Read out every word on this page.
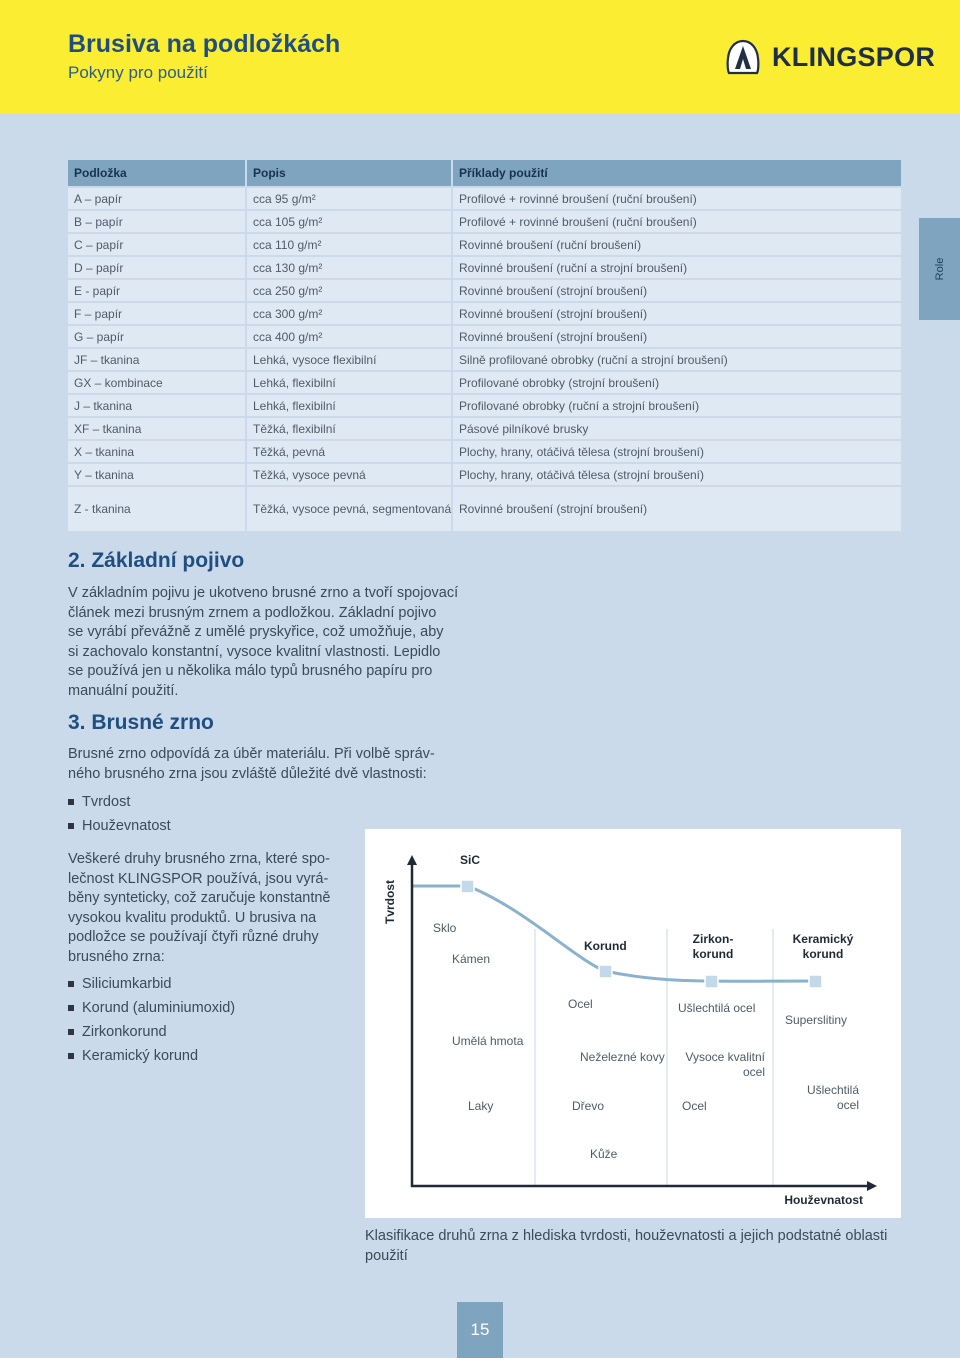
Brusiva na podložkách
Pokyny pro použití
KLINGSPOR
Role
Podložka	Popis	Příklady použití
A – papír	cca 95 g/m²	Profilové + rovinné broušení (ruční broušení)
B – papír	cca 105 g/m²	Profilové + rovinné broušení (ruční broušení)
C – papír	cca 110 g/m²	Rovinné broušení (ruční broušení)
D – papír	cca 130 g/m²	Rovinné broušení (ruční a strojní broušení)
E - papír	cca 250 g/m²	Rovinné broušení (strojní broušení)
F – papír	cca 300 g/m²	Rovinné broušení (strojní broušení)
G – papír	cca 400 g/m²	Rovinné broušení (strojní broušení)
JF – tkanina	Lehká, vysoce flexibilní	Silně profilované obrobky (ruční a strojní broušení)
GX – kombinace	Lehká, flexibilní	Profilované obrobky (strojní broušení)
J – tkanina	Lehká, flexibilní	Profilované obrobky (ruční a strojní broušení)
XF – tkanina	Těžká, flexibilní	Pásové pilníkové brusky
X – tkanina	Těžká, pevná	Plochy, hrany, otáčivá tělesa (strojní broušení)
Y – tkanina	Těžká, vysoce pevná	Plochy, hrany, otáčivá tělesa (strojní broušení)
Z - tkanina	Těžká, vysoce pevná, segmentovaná	Rovinné broušení (strojní broušení)
2. Základní pojivo
V základním pojivu je ukotveno brusné zrno a tvoří spojovací
článek mezi brusným zrnem a podložkou. Základní pojivo
se vyrábí převážně z umělé pryskyřice, což umožňuje, aby
si zachovalo konstantní, vysoce kvalitní vlastnosti. Lepidlo
se používá jen u několika málo typů brusného papíru pro
manuální použití.
3. Brusné zrno
Brusné zrno odpovídá za úběr materiálu. Při volbě správ-
ného brusného zrna jsou zvláště důležité dvě vlastnosti:
Tvrdost
Houževnatost
Veškeré druhy brusného zrna, které spo-
lečnost KLINGSPOR používá, jsou vyrá-
běny synteticky, což zaručuje konstantně
vysokou kvalitu produktů. U brusiva na
podložce se používají čtyři různé druhy
brusného zrna:
Siliciumkarbid
Korund (aluminiumoxid)
Zirkonkorund
Keramický korund
Tvrdost
Houževnatost
SiC
Korund	Zirkon-
korund
Keramický
korund
Sklo
Kámen
Umělá hmota
Laky
Ocel
Neželezné kovy
Dřevo
Kůže
Ušlechtilá ocel
Vysoce kvalitní
ocel
Ocel
Superslitiny
Ušlechtilá
ocel
Klasifikace druhů zrna z hlediska tvrdosti, houževnatosti a jejich podstatné oblasti použití
15
